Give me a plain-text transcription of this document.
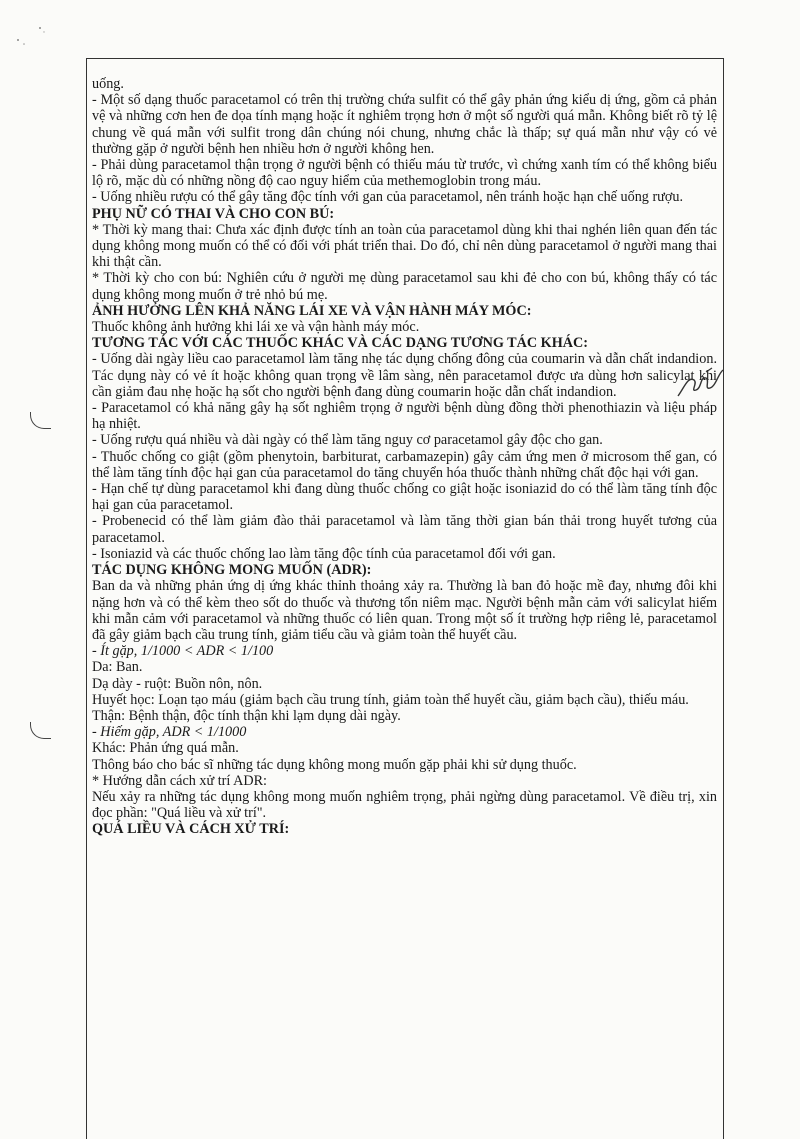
uống.

- Một số dạng thuốc paracetamol có trên thị trường chứa sulfit có thể gây phản ứng kiểu dị ứng, gồm cả phản vệ và những cơn hen đe dọa tính mạng hoặc ít nghiêm trọng hơn ở một số người quá mẫn. Không biết rõ tỷ lệ chung về quá mẫn với sulfit trong dân chúng nói chung, nhưng chắc là thấp; sự quá mẫn như vậy có vẻ thường gặp ở người bệnh hen nhiều hơn ở người không hen.

- Phải dùng paracetamol thận trọng ở người bệnh có thiếu máu từ trước, vì chứng xanh tím có thể không biểu lộ rõ, mặc dù có những nồng độ cao nguy hiểm của methemoglobin trong máu.

- Uống nhiều rượu có thể gây tăng độc tính với gan của paracetamol, nên tránh hoặc hạn chế uống rượu.

PHỤ NỮ CÓ THAI VÀ CHO CON BÚ:

* Thời kỳ mang thai: Chưa xác định được tính an toàn của paracetamol dùng khi thai nghén liên quan đến tác dụng không mong muốn có thể có đối với phát triển thai. Do đó, chỉ nên dùng paracetamol ở người mang thai khi thật cần.

* Thời kỳ cho con bú: Nghiên cứu ở người mẹ dùng paracetamol sau khi đẻ cho con bú, không thấy có tác dụng không mong muốn ở trẻ nhỏ bú mẹ.

ẢNH HƯỞNG LÊN KHẢ NĂNG LÁI XE VÀ VẬN HÀNH MÁY MÓC:

Thuốc không ảnh hưởng khi lái xe và vận hành máy móc.

TƯƠNG TÁC VỚI CÁC THUỐC KHÁC VÀ CÁC DẠNG TƯƠNG TÁC KHÁC:

- Uống dài ngày liều cao paracetamol làm tăng nhẹ tác dụng chống đông của coumarin và dẫn chất indandion. Tác dụng này có vẻ ít hoặc không quan trọng về lâm sàng, nên paracetamol được ưa dùng hơn salicylat khi cần giảm đau nhẹ hoặc hạ sốt cho người bệnh đang dùng coumarin hoặc dẫn chất indandion.

- Paracetamol có khả năng gây hạ sốt nghiêm trọng ở người bệnh dùng đồng thời phenothiazin và liệu pháp hạ nhiệt.

- Uống rượu quá nhiều và dài ngày có thể làm tăng nguy cơ paracetamol gây độc cho gan.

- Thuốc chống co giật (gồm phenytoin, barbiturat, carbamazepin) gây cảm ứng men ở microsom thể gan, có thể làm tăng tính độc hại gan của paracetamol do tăng chuyển hóa thuốc thành những chất độc hại với gan.

- Hạn chế tự dùng paracetamol khi đang dùng thuốc chống co giật hoặc isoniazid do có thể làm tăng tính độc hại gan của paracetamol.

- Probenecid có thể làm giảm đào thải paracetamol và làm tăng thời gian bán thải trong huyết tương của paracetamol.

- Isoniazid và các thuốc chống lao làm tăng độc tính của paracetamol đối với gan.

TÁC DỤNG KHÔNG MONG MUỐN (ADR):

Ban da và những phản ứng dị ứng khác thỉnh thoảng xảy ra. Thường là ban đỏ hoặc mề đay, nhưng đôi khi nặng hơn và có thể kèm theo sốt do thuốc và thương tổn niêm mạc. Người bệnh mẫn cảm với salicylat hiếm khi mẫn cảm với paracetamol và những thuốc có liên quan. Trong một số ít trường hợp riêng lẻ, paracetamol đã gây giảm bạch cầu trung tính, giảm tiểu cầu và giảm toàn thể huyết cầu.

- Ít gặp, 1/1000 < ADR < 1/100

Da: Ban.

Dạ dày - ruột: Buồn nôn, nôn.

Huyết học: Loạn tạo máu (giảm bạch cầu trung tính, giảm toàn thể huyết cầu, giảm bạch cầu), thiếu máu.

Thận: Bệnh thận, độc tính thận khi lạm dụng dài ngày.

- Hiếm gặp, ADR < 1/1000

Khác: Phản ứng quá mẫn.

Thông báo cho bác sĩ những tác dụng không mong muốn gặp phải khi sử dụng thuốc.

* Hướng dẫn cách xử trí ADR:

Nếu xảy ra những tác dụng không mong muốn nghiêm trọng, phải ngừng dùng paracetamol. Về điều trị, xin đọc phần: "Quá liều và xử trí".

QUÁ LIỀU VÀ CÁCH XỬ TRÍ:
